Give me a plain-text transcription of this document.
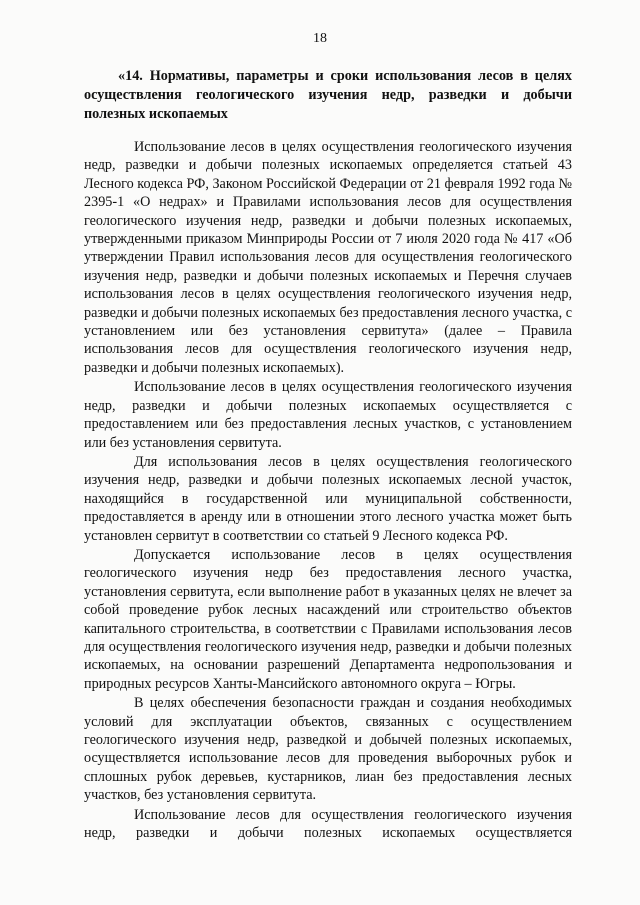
18
«14. Нормативы, параметры и сроки использования лесов в целях осуществления геологического изучения недр, разведки и добычи полезных ископаемых

Использование лесов в целях осуществления геологического изучения недр, разведки и добычи полезных ископаемых определяется статьей 43 Лесного кодекса РФ, Законом Российской Федерации от 21 февраля 1992 года № 2395-1 «О недрах» и Правилами использования лесов для осуществления геологического изучения недр, разведки и добычи полезных ископаемых, утвержденными приказом Минприроды России от 7 июля 2020 года № 417 «Об утверждении Правил использования лесов для осуществления геологического изучения недр, разведки и добычи полезных ископаемых и Перечня случаев использования лесов в целях осуществления геологического изучения недр, разведки и добычи полезных ископаемых без предоставления лесного участка, с установлением или без установления сервитута» (далее – Правила использования лесов для осуществления геологического изучения недр, разведки и добычи полезных ископаемых).

Использование лесов в целях осуществления геологического изучения недр, разведки и добычи полезных ископаемых осуществляется с предоставлением или без предоставления лесных участков, с установлением или без установления сервитута.

Для использования лесов в целях осуществления геологического изучения недр, разведки и добычи полезных ископаемых лесной участок, находящийся в государственной или муниципальной собственности, предоставляется в аренду или в отношении этого лесного участка может быть установлен сервитут в соответствии со статьей 9 Лесного кодекса РФ.

Допускается использование лесов в целях осуществления геологического изучения недр без предоставления лесного участка, установления сервитута, если выполнение работ в указанных целях не влечет за собой проведение рубок лесных насаждений или строительство объектов капитального строительства, в соответствии с Правилами использования лесов для осуществления геологического изучения недр, разведки и добычи полезных ископаемых, на основании разрешений Департамента недропользования и природных ресурсов Ханты-Мансийского автономного округа – Югры.

В целях обеспечения безопасности граждан и создания необходимых условий для эксплуатации объектов, связанных с осуществлением геологического изучения недр, разведкой и добычей полезных ископаемых, осуществляется использование лесов для проведения выборочных рубок и сплошных рубок деревьев, кустарников, лиан без предоставления лесных участков, без установления сервитута.

Использование лесов для осуществления геологического изучения недр, разведки и добычи полезных ископаемых осуществляется
